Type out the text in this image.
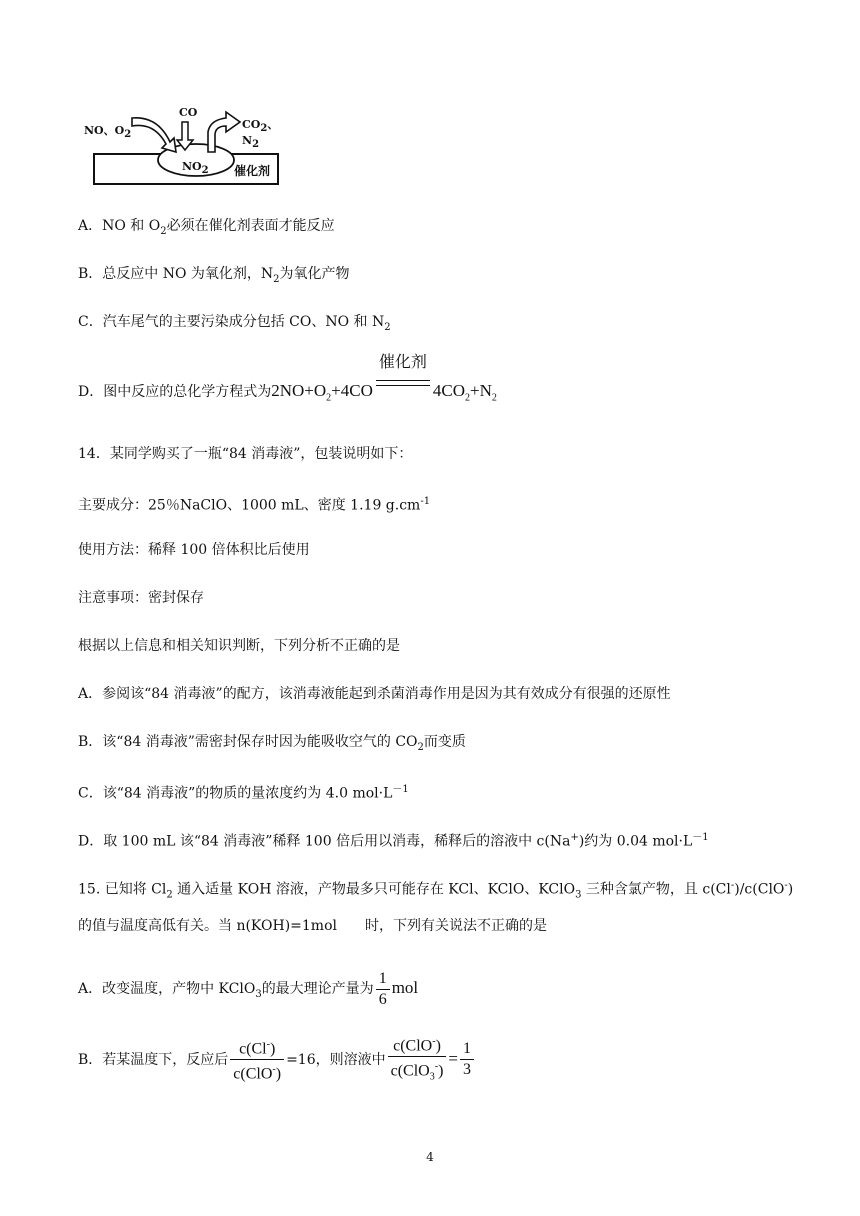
NO、$O_2$
CO
$NO_2$
$CO_2$、$N_2$
催化剂
A．NO 和 $O_2$必须在催化剂表面才能反应
B．总反应中 NO 为氧化剂，$N_2$为氧化产物
C．汽车尾气的主要污染成分包括 CO、NO 和 $N_2$
D．图中反应的总化学方程式为$2NO+O_2+4CO$
催化剂
$4CO_2+N_2$
14．某同学购买了一瓶“84 消毒液”，包装说明如下：
主要成分：25％NaClO、1000 mL、密度 1.19 $g.cm^{-1}$
使用方法：稀释 100 倍体积比后使用
注意事项：密封保存
根据以上信息和相关知识判断，下列分析不正确的是
A．参阅该“84 消毒液”的配方，该消毒液能起到杀菌消毒作用是因为其有效成分有很强的还原性
B．该“84 消毒液”需密封保存时因为能吸收空气的 $CO_2$而变质
C．该“84 消毒液”的物质的量浓度约为 4.0 $mol\cdot L^{-1}$
D．取 100 mL 该“84 消毒液”稀释 100 倍后用以消毒，稀释后的溶液中 c(Na+)约为 0.04 $mol\cdot L^{-1}$
15. 已知将 $Cl_2$ 通入适量 KOH 溶液，产物最多只可能存在 KCl、KClO、KClO$_3$ 三种含氯产物，且 c(Cl-)/c(ClO-)
的值与温度高低有关。当 n(KOH)=1mol　　时，下列有关说法不正确的是
A．改变温度，产物中 KClO$_3$的最大理论产量为 $\frac{1}{6}$ mol
B．若某温度下，反应后 $\frac{c(Cl^-)}{c(ClO^-)} =16$，则溶液中 $\frac{c(ClO^-)}{c(ClO_3^-)} = \frac{1}{3}$
4
